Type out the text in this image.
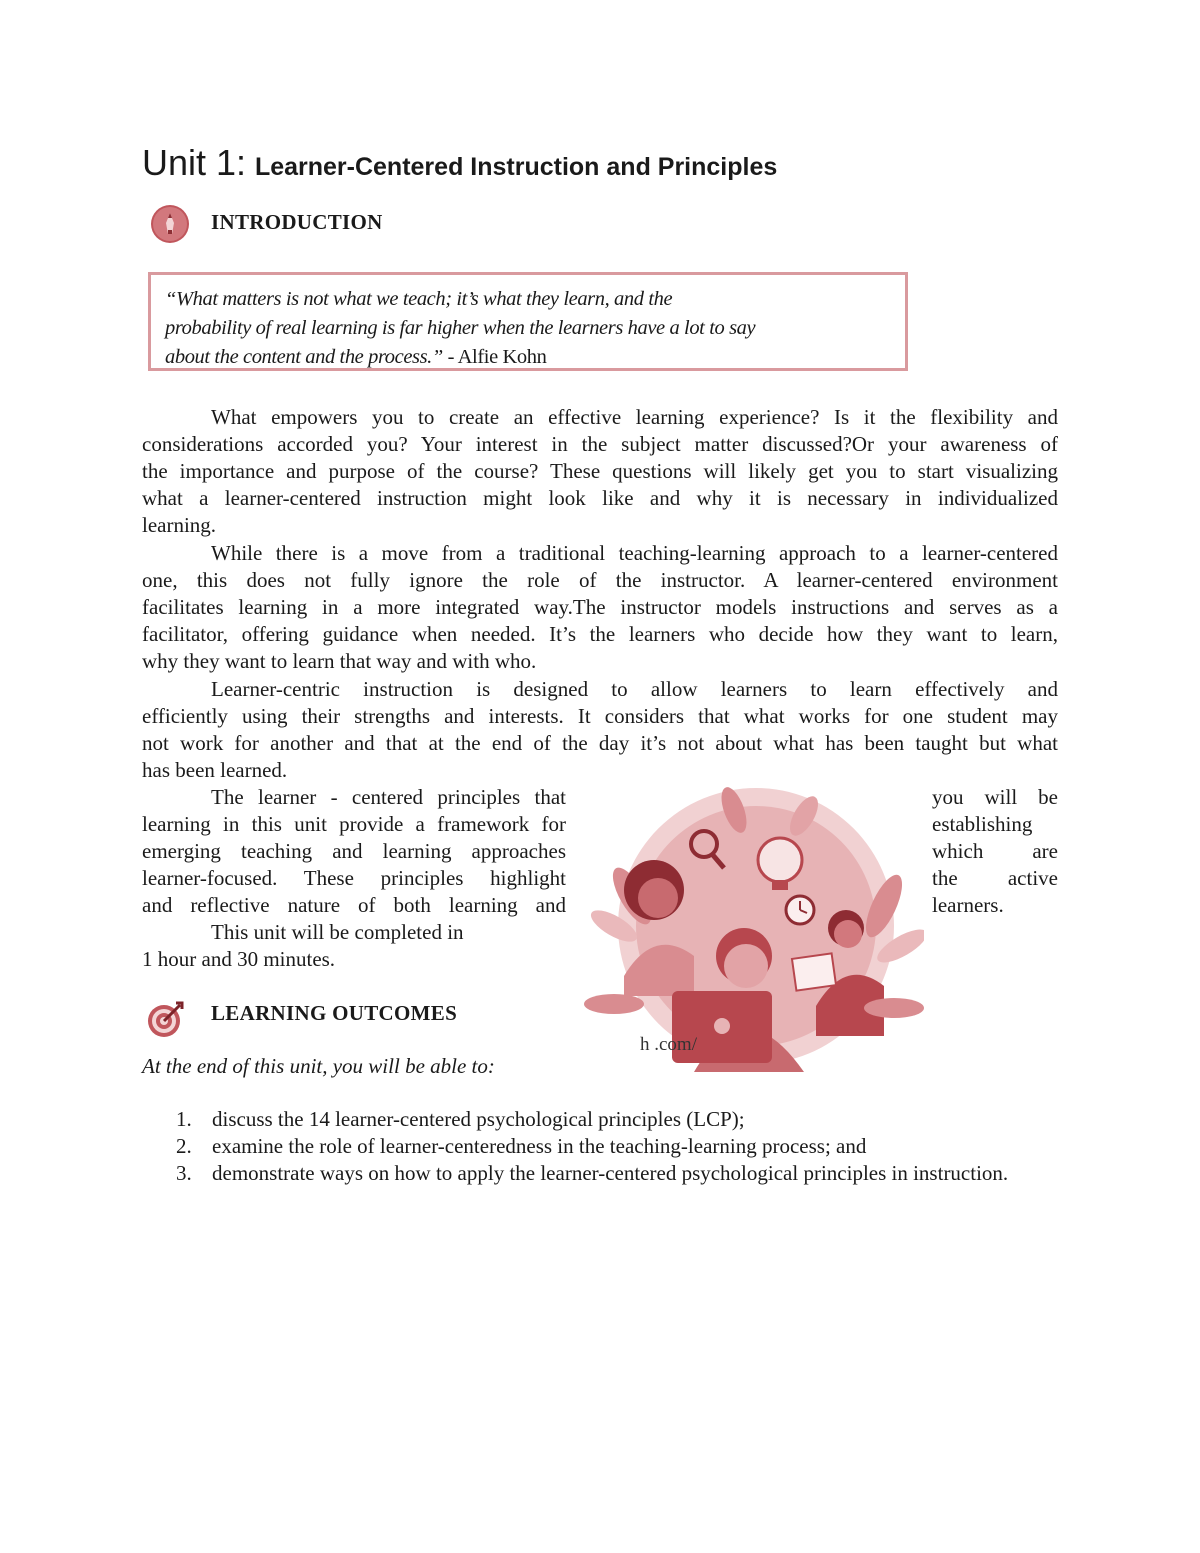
Unit 1: Learner-Centered Instruction and Principles
INTRODUCTION
“What matters is not what we teach; it’s what they learn, and the
probability of real learning is far higher when the learners have a lot to say
about the content and the process.” - Alfie Kohn
What empowers you to create an effective learning experience? Is it the flexibility and
considerations accorded you? Your interest in the subject matter discussed?Or your awareness of
the importance and purpose of the course? These questions will likely get you to start visualizing
what a learner-centered instruction might look like and why it is necessary in individualized
learning.
While there is a move from a traditional teaching-learning approach to a learner-centered
one, this does not fully ignore the role of the instructor. A learner-centered environment
facilitates learning in a more integrated way.The instructor models instructions and serves as a
facilitator, offering guidance when needed. It’s the learners who decide how they want to learn,
why they want to learn that way and with who.
Learner-centric instruction is designed to allow learners to learn effectively and
efficiently using their strengths and interests. It considers that what works for one student may
not work for another and that at the end of the day it’s not about what has been taught but what
has been learned.
The learner - centered principles that
learning in this unit provide a framework for
emerging teaching and learning approaches
learner-focused. These principles highlight
and reflective nature of both learning and
This unit will be completed in
1 hour and 30 minutes.
you will be
establishing
which are
the active
learners.
h .com/
LEARNING OUTCOMES

At the end of this unit, you will be able to:

1. discuss the 14 learner-centered psychological principles (LCP);
2. examine the role of learner-centeredness in the teaching-learning process; and
3. demonstrate ways on how to apply the learner-centered psychological principles in instruction.
